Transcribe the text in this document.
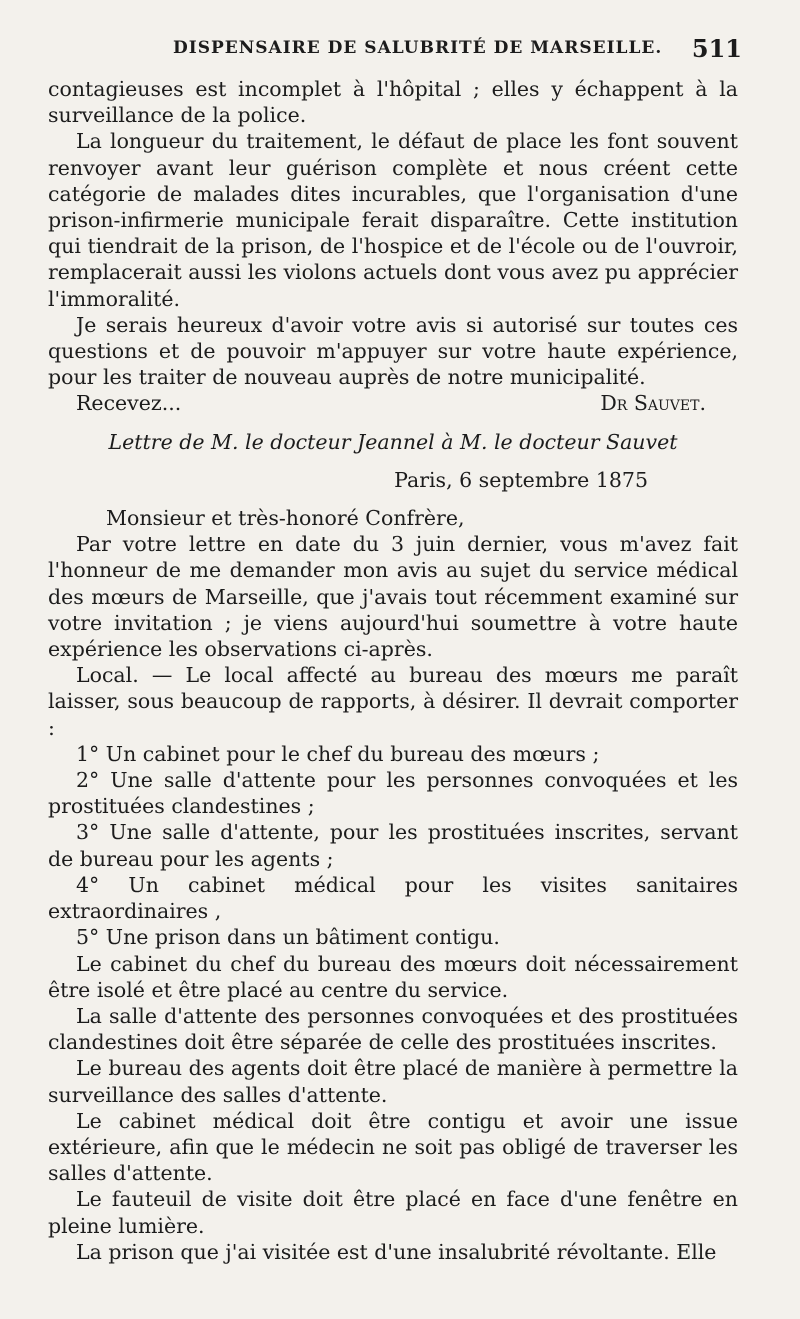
DISPENSAIRE DE SALUBRITÉ DE MARSEILLE. 511

contagieuses est incomplet à l'hôpital ; elles y échappent à la surveillance de la police.

La longueur du traitement, le défaut de place les font souvent renvoyer avant leur guérison complète et nous créent cette catégorie de malades dites incurables, que l'organisation d'une prison-infirmerie municipale ferait disparaître. Cette institution qui tiendrait de la prison, de l'hospice et de l'école ou de l'ouvroir, remplacerait aussi les violons actuels dont vous avez pu apprécier l'immoralité.

Je serais heureux d'avoir votre avis si autorisé sur toutes ces questions et de pouvoir m'appuyer sur votre haute expérience, pour les traiter de nouveau auprès de notre municipalité.

Recevez...	Dr Sauvet.

Lettre de M. le docteur Jeannel à M. le docteur Sauvet

Paris, 6 septembre 1875

Monsieur et très-honoré Confrère,

Par votre lettre en date du 3 juin dernier, vous m'avez fait l'honneur de me demander mon avis au sujet du service médical des mœurs de Marseille, que j'avais tout récemment examiné sur votre invitation ; je viens aujourd'hui soumettre à votre haute expérience les observations ci-après.

Local. — Le local affecté au bureau des mœurs me paraît laisser, sous beaucoup de rapports, à désirer. Il devrait comporter :

1° Un cabinet pour le chef du bureau des mœurs ;

2° Une salle d'attente pour les personnes convoquées et les prostituées clandestines ;

3° Une salle d'attente, pour les prostituées inscrites, servant de bureau pour les agents ;

4° Un cabinet médical pour les visites sanitaires extraordinaires ,

5° Une prison dans un bâtiment contigu.

Le cabinet du chef du bureau des mœurs doit nécessairement être isolé et être placé au centre du service.

La salle d'attente des personnes convoquées et des prostituées clandestines doit être séparée de celle des prostituées inscrites.

Le bureau des agents doit être placé de manière à permettre la surveillance des salles d'attente.

Le cabinet médical doit être contigu et avoir une issue extérieure, afin que le médecin ne soit pas obligé de traverser les salles d'attente.

Le fauteuil de visite doit être placé en face d'une fenêtre en pleine lumière.

La prison que j'ai visitée est d'une insalubrité révoltante. Elle
